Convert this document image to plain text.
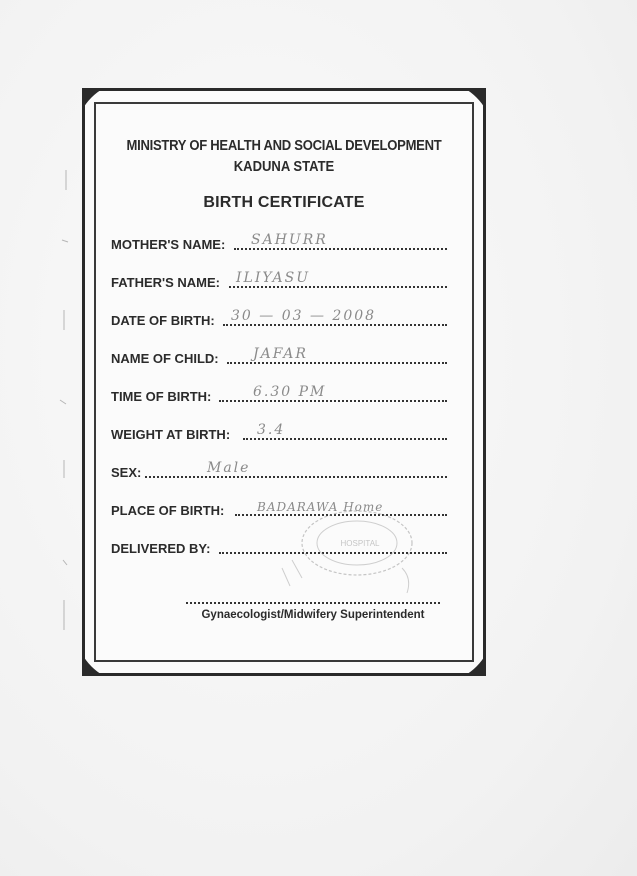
MINISTRY OF HEALTH AND SOCIAL DEVELOPMENT
KADUNA STATE
BIRTH CERTIFICATE
MOTHER'S NAME: SAHURR
FATHER'S NAME: ILIYASU
DATE OF BIRTH: 30 — 03 — 2008
NAME OF CHILD: JAFAR
TIME OF BIRTH:	6.30 PM
WEIGHT AT BIRTH: 3.4
SEX:	Male
PLACE OF BIRTH:	BADARAWA Home
DELIVERED BY:	HOSPITAL
Gynaecologist/Midwifery Superintendent
